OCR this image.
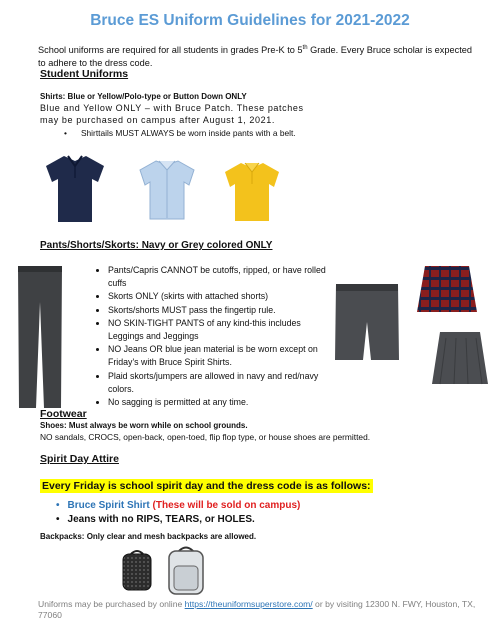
Bruce ES Uniform Guidelines for 2021-2022
School uniforms are required for all students in grades Pre-K to 5th Grade. Every Bruce scholar is expected to adhere to the dress code.
Student Uniforms
Shirts: Blue or Yellow/Polo-type or Button Down ONLY
Blue and Yellow ONLY – with Bruce Patch. These patches
may be purchased on campus after August 1, 2021.
• Shirttails MUST ALWAYS be worn inside pants with a belt.
Pants/Shorts/Skorts: Navy or Grey colored ONLY
• Pants/Capris CANNOT be cutoffs, ripped, or have rolled cuffs
• Skorts ONLY (skirts with attached shorts)
• Skorts/shorts MUST pass the fingertip rule.
• NO SKIN-TIGHT PANTS of any kind-this includes Leggings and Jeggings
• NO Jeans OR blue jean material is be worn except on Friday's with Bruce Spirit Shirts.
• Plaid skorts/jumpers are allowed in navy and red/navy colors.
• No sagging is permitted at any time.
Footwear
Shoes: Must always be worn while on school grounds.
NO sandals, CROCS, open-back, open-toed, flip flop type, or house shoes are permitted.
Spirit Day Attire
Every Friday is school spirit day and the dress code is as follows:
• Bruce Spirit Shirt (These will be sold on campus)
• Jeans with no RIPS, TEARS, or HOLES.
Backpacks: Only clear and mesh backpacks are allowed.
Uniforms may be purchased by online https://theuniformsuperstore.com/ or by visiting 12300 N. FWY, Houston, TX, 77060
